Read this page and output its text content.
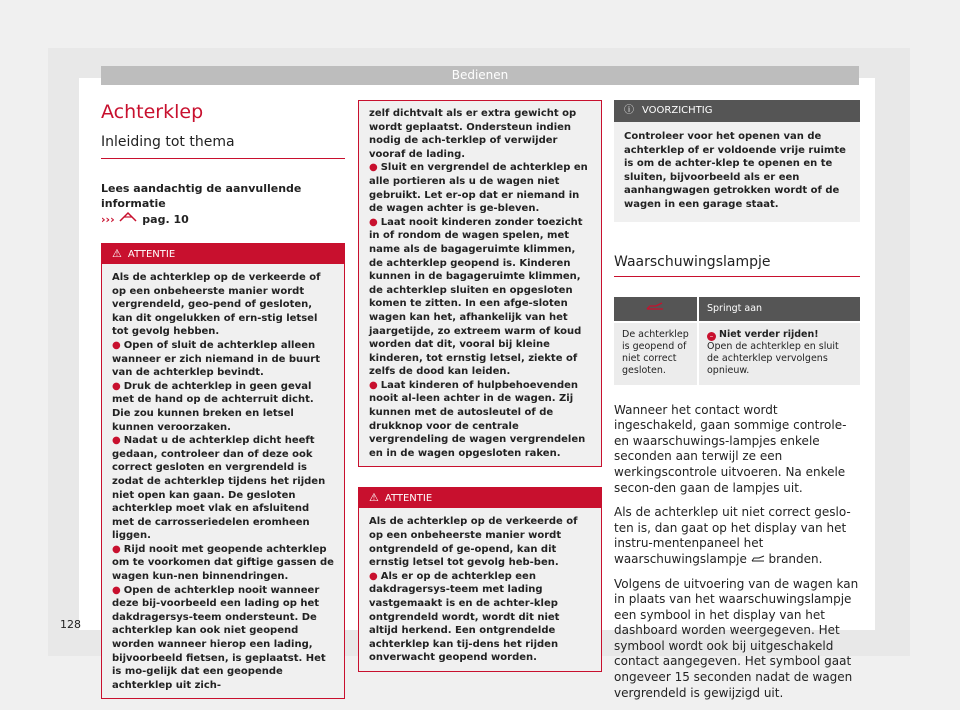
Bedienen
Achterklep
Inleiding tot thema
Lees aandachtig de aanvullende informatie
›››	pag. 10
⚠ ATTENTIE

Als de achterklep op de verkeerde of op een onbeheerste manier wordt vergrendeld, geo-pend of gesloten, kan dit ongelukken of ern-stig letsel tot gevolg hebben.

● Open of sluit de achterklep alleen wanneer er zich niemand in de buurt van de achterklep bevindt.

● Druk de achterklep in geen geval met de hand op de achterruit dicht. Die zou kunnen breken en letsel kunnen veroorzaken.

● Nadat u de achterklep dicht heeft gedaan, controleer dan of deze ook correct gesloten en vergrendeld is zodat de achterklep tijdens het rijden niet open kan gaan. De gesloten achterklep moet vlak en afsluitend met de carrosseriedelen eromheen liggen.

● Rijd nooit met geopende achterklep om te voorkomen dat giftige gassen de wagen kun-nen binnendringen.

● Open de achterklep nooit wanneer deze bij-voorbeeld een lading op het dakdragersys-teem ondersteunt. De achterklep kan ook niet geopend worden wanneer hierop een lading, bijvoorbeeld fietsen, is geplaatst. Het is mo-gelijk dat een geopende achterklep uit zich-

zelf dichtvalt als er extra gewicht op wordt geplaatst. Ondersteun indien nodig de ach-terklep of verwijder vooraf de lading.

● Sluit en vergrendel de achterklep en alle portieren als u de wagen niet gebruikt. Let er-op dat er niemand in de wagen achter is ge-bleven.

● Laat nooit kinderen zonder toezicht in of rondom de wagen spelen, met name als de bagageruimte klimmen, de achterklep geopend is. Kinderen kunnen in de bagageruimte klimmen, de achterklep sluiten en opgesloten komen te zitten. In een afge-sloten wagen kan het, afhankelijk van het jaargetijde, zo extreem warm of koud worden dat dit, vooral bij kleine kinderen, tot ernstig letsel, ziekte of zelfs de dood kan leiden.

● Laat kinderen of hulpbehoevenden nooit al-leen achter in de wagen. Zij kunnen met de autosleutel of de drukknop voor de centrale vergrendeling de wagen vergrendelen en in de wagen opgesloten raken.

⚠ ATTENTIE

Als de achterklep op de verkeerde of op een onbeheerste manier wordt ontgrendeld of ge-opend, kan dit ernstig letsel tot gevolg heb-ben.

● Als er op de achterklep een dakdragersys-teem met lading vastgemaakt is en de achter-klep ontgrendeld wordt, wordt dit niet altijd herkend. Een ontgrendelde achterklep kan tij-dens het rijden onverwacht geopend worden.

ⓘ VOORZICHTIG
Controleer voor het openen van de achterklep of er voldoende vrije ruimte is om de achter-klep te openen en te sluiten, bijvoorbeeld als er een aanhangwagen getrokken wordt of de wagen in een garage staat.
Waarschuwingslampje
	Springt aan
De achterklep is geopend of niet correct gesloten.	– Niet verder rijden!
Open de achterklep en sluit de achterklep vervolgens opnieuw.

Wanneer het contact wordt ingeschakeld, gaan sommige controle- en waarschuwings-lampjes enkele seconden aan terwijl ze een werkingscontrole uitvoeren. Na enkele secon-den gaan de lampjes uit.

Als de achterklep uit niet correct geslo-ten is, dan gaat op het display van het instru-mentenpaneel het waarschuwingslampje branden.

Volgens de uitvoering van de wagen kan in plaats van het waarschuwingslampje een symbool in het display van het dashboard worden weergegeven. Het symbool wordt ook bij uitgeschakeld contact aangegeven. Het symbool gaat ongeveer 15 seconden nadat de wagen vergrendeld is gewijzigd uit.

128
